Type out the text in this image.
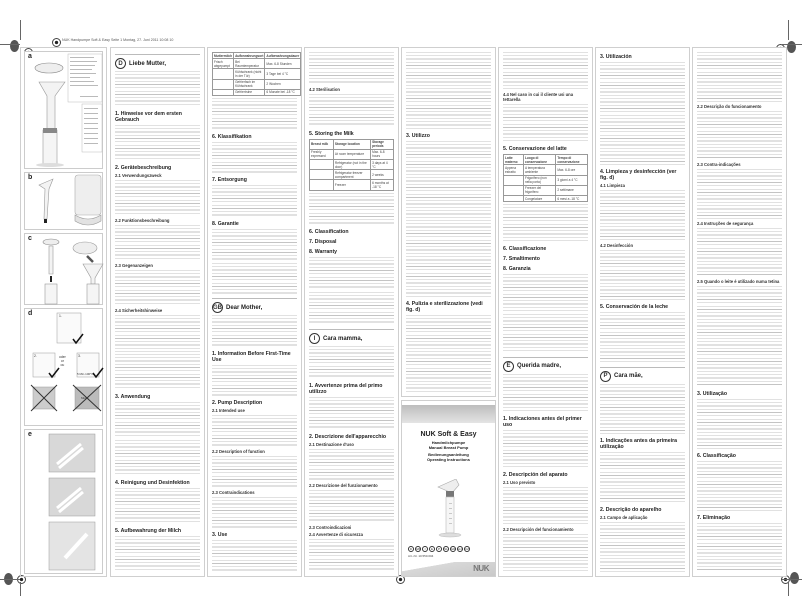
NUK Handpumpe Soft & Easy Seite 1 Montag, 27. Juni 2011 10:08 10
a
b
c
d	1.
2.	3.
oder
or
ou
5 Min.100°C
Micro
e
D	Liebe Mutter,
1. Hinweise vor dem ersten Gebrauch
2. Gerätebeschreibung
2.1 Verwendungszweck
2.2 Funktionsbeschreibung
2.3 Gegenanzeigen
2.4 Sicherheitshinweise
3. Anwendung
4. Reinigung und Desinfektion
5. Aufbewahrung der Milch
Muttermilch	Aufbewahrungsort	Aufbewahrungsdauer
Frisch abgepumpt	Bei Raumtemperatur	Max. 6-8 Stunden
	Kühlschrank (nicht in der Tür)	3 Tage bei 4 °C
	Gefrierfach im Kühlschrank	2 Wochen
	Gefriertruhe	6 Monate bei -18 °C
6. Klassifikation
7. Entsorgung
8. Garantie
GB Dear Mother,
1. Information Before First-Time Use
2. Pump Description
2.1 Intended use
2.2 Description of function
2.3 Contraindications
3. Use
4.2 Sterilisation
5. Storing the Milk
Breast milk	Storage location	Storage periods
Freshly expressed	At room temperature	Max. 6-8 hours
	Refrigerator (not in the door)	3 days at 4 °C
	Refrigerator freezer compartment	2 weeks
	Freezer	6 months at -18 °C
6. Classification
7. Disposal
8. Warranty
I	Cara mamma,
1. Avvertenze prima del primo utilizzo
2. Descrizione dell'apparecchio
2.1 Destinazione d'uso
2.2 Descrizione del funzionamento
2.3 Controindicazioni
2.4 Avvertenze di sicurezza
3. Utilizzo
4. Pulizia e sterilizzazione (vedi fig. d)
4.4 Nel caso in cui il cliente usi una tettarella
5. Conservazione del latte
Latte materno	Luogo di conservazione	Tempo di conservazione
Appena estratto	A temperatura ambiente	Max. 6-8 ore
	Frigorifero (non nella porta)	3 giorni a 4 °C
	Freezer del frigorifero	2 settimane
	Congelatore	6 mesi a -18 °C
6. Classificazione
7. Smaltimento
8. Garanzia
E	Querida madre,
1. Indicaciones antes del primer uso
2. Descripción del aparato
2.1 Uso previsto
2.2 Descripción del funcionamiento
3. Utilización
4. Limpieza y desinfección (ver fig. d)
4.1 Limpieza
4.2 Desinfección
5. Conservación de la leche
P	Cara mãe,
1. Indicações antes da primeira utilização
2. Descrição do aparelho
2.1 Campo de aplicação
2.2 Descrição do funcionamento
2.3 Contra-indicações
2.4 Instruções de segurança
2.5 Quando o leite é utilizado numa tetina
3. Utilização
6. Classificação
7. Eliminação
NUK Soft & Easy
Handmilchpumpe
Manual Breast Pump
Bedienungsanleitung
Operating Instructions
D	GB	I	E	P	NL GR SLO CZ
Art.-Nr. 10.550.004
NUK
